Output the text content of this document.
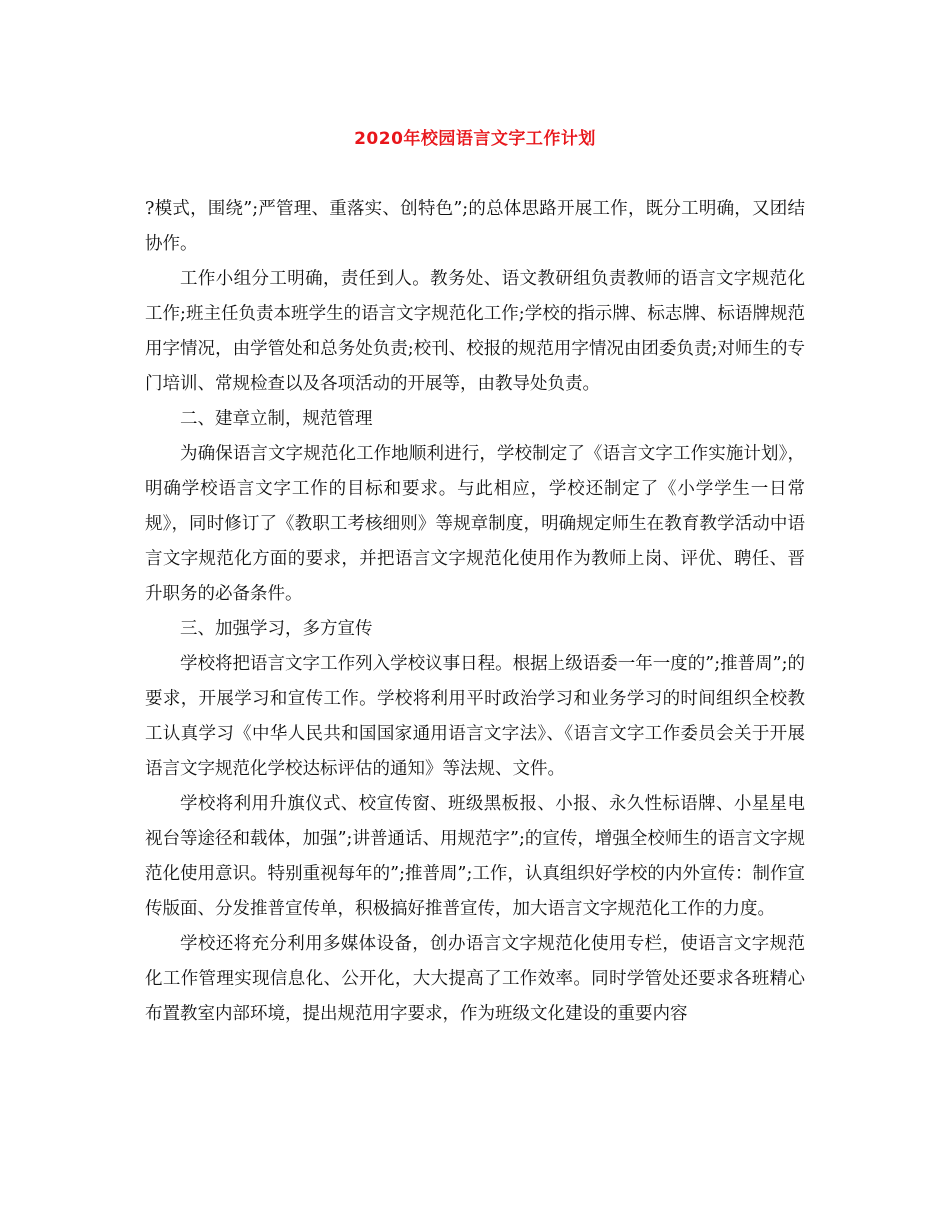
2020年校园语言文字工作计划

?模式，围绕”;严管理、重落实、创特色”;的总体思路开展工作，既分工明确，又团结协作。

工作小组分工明确，责任到人。教务处、语文教研组负责教师的语言文字规范化工作;班主任负责本班学生的语言文字规范化工作;学校的指示牌、标志牌、标语牌规范用字情况，由学管处和总务处负责;校刊、校报的规范用字情况由团委负责;对师生的专门培训、常规检查以及各项活动的开展等，由教导处负责。

二、建章立制，规范管理

为确保语言文字规范化工作地顺利进行，学校制定了《语言文字工作实施计划》，明确学校语言文字工作的目标和要求。与此相应，学校还制定了《小学学生一日常规》，同时修订了《教职工考核细则》等规章制度，明确规定师生在教育教学活动中语言文字规范化方面的要求，并把语言文字规范化使用作为教师上岗、评优、聘任、晋升职务的必备条件。

三、加强学习，多方宣传

学校将把语言文字工作列入学校议事日程。根据上级语委一年一度的”;推普周”;的要求，开展学习和宣传工作。学校将利用平时政治学习和业务学习的时间组织全校教工认真学习《中华人民共和国国家通用语言文字法》、《语言文字工作委员会关于开展语言文字规范化学校达标评估的通知》等法规、文件。

学校将利用升旗仪式、校宣传窗、班级黑板报、小报、永久性标语牌、小星星电视台等途径和载体，加强”;讲普通话、用规范字”;的宣传，增强全校师生的语言文字规范化使用意识。特别重视每年的”;推普周”;工作，认真组织好学校的内外宣传：制作宣传版面、分发推普宣传单，积极搞好推普宣传，加大语言文字规范化工作的力度。

学校还将充分利用多媒体设备，创办语言文字规范化使用专栏，使语言文字规范化工作管理实现信息化、公开化，大大提高了工作效率。同时学管处还要求各班精心布置教室内部环境，提出规范用字要求，作为班级文化建设的重要内容
